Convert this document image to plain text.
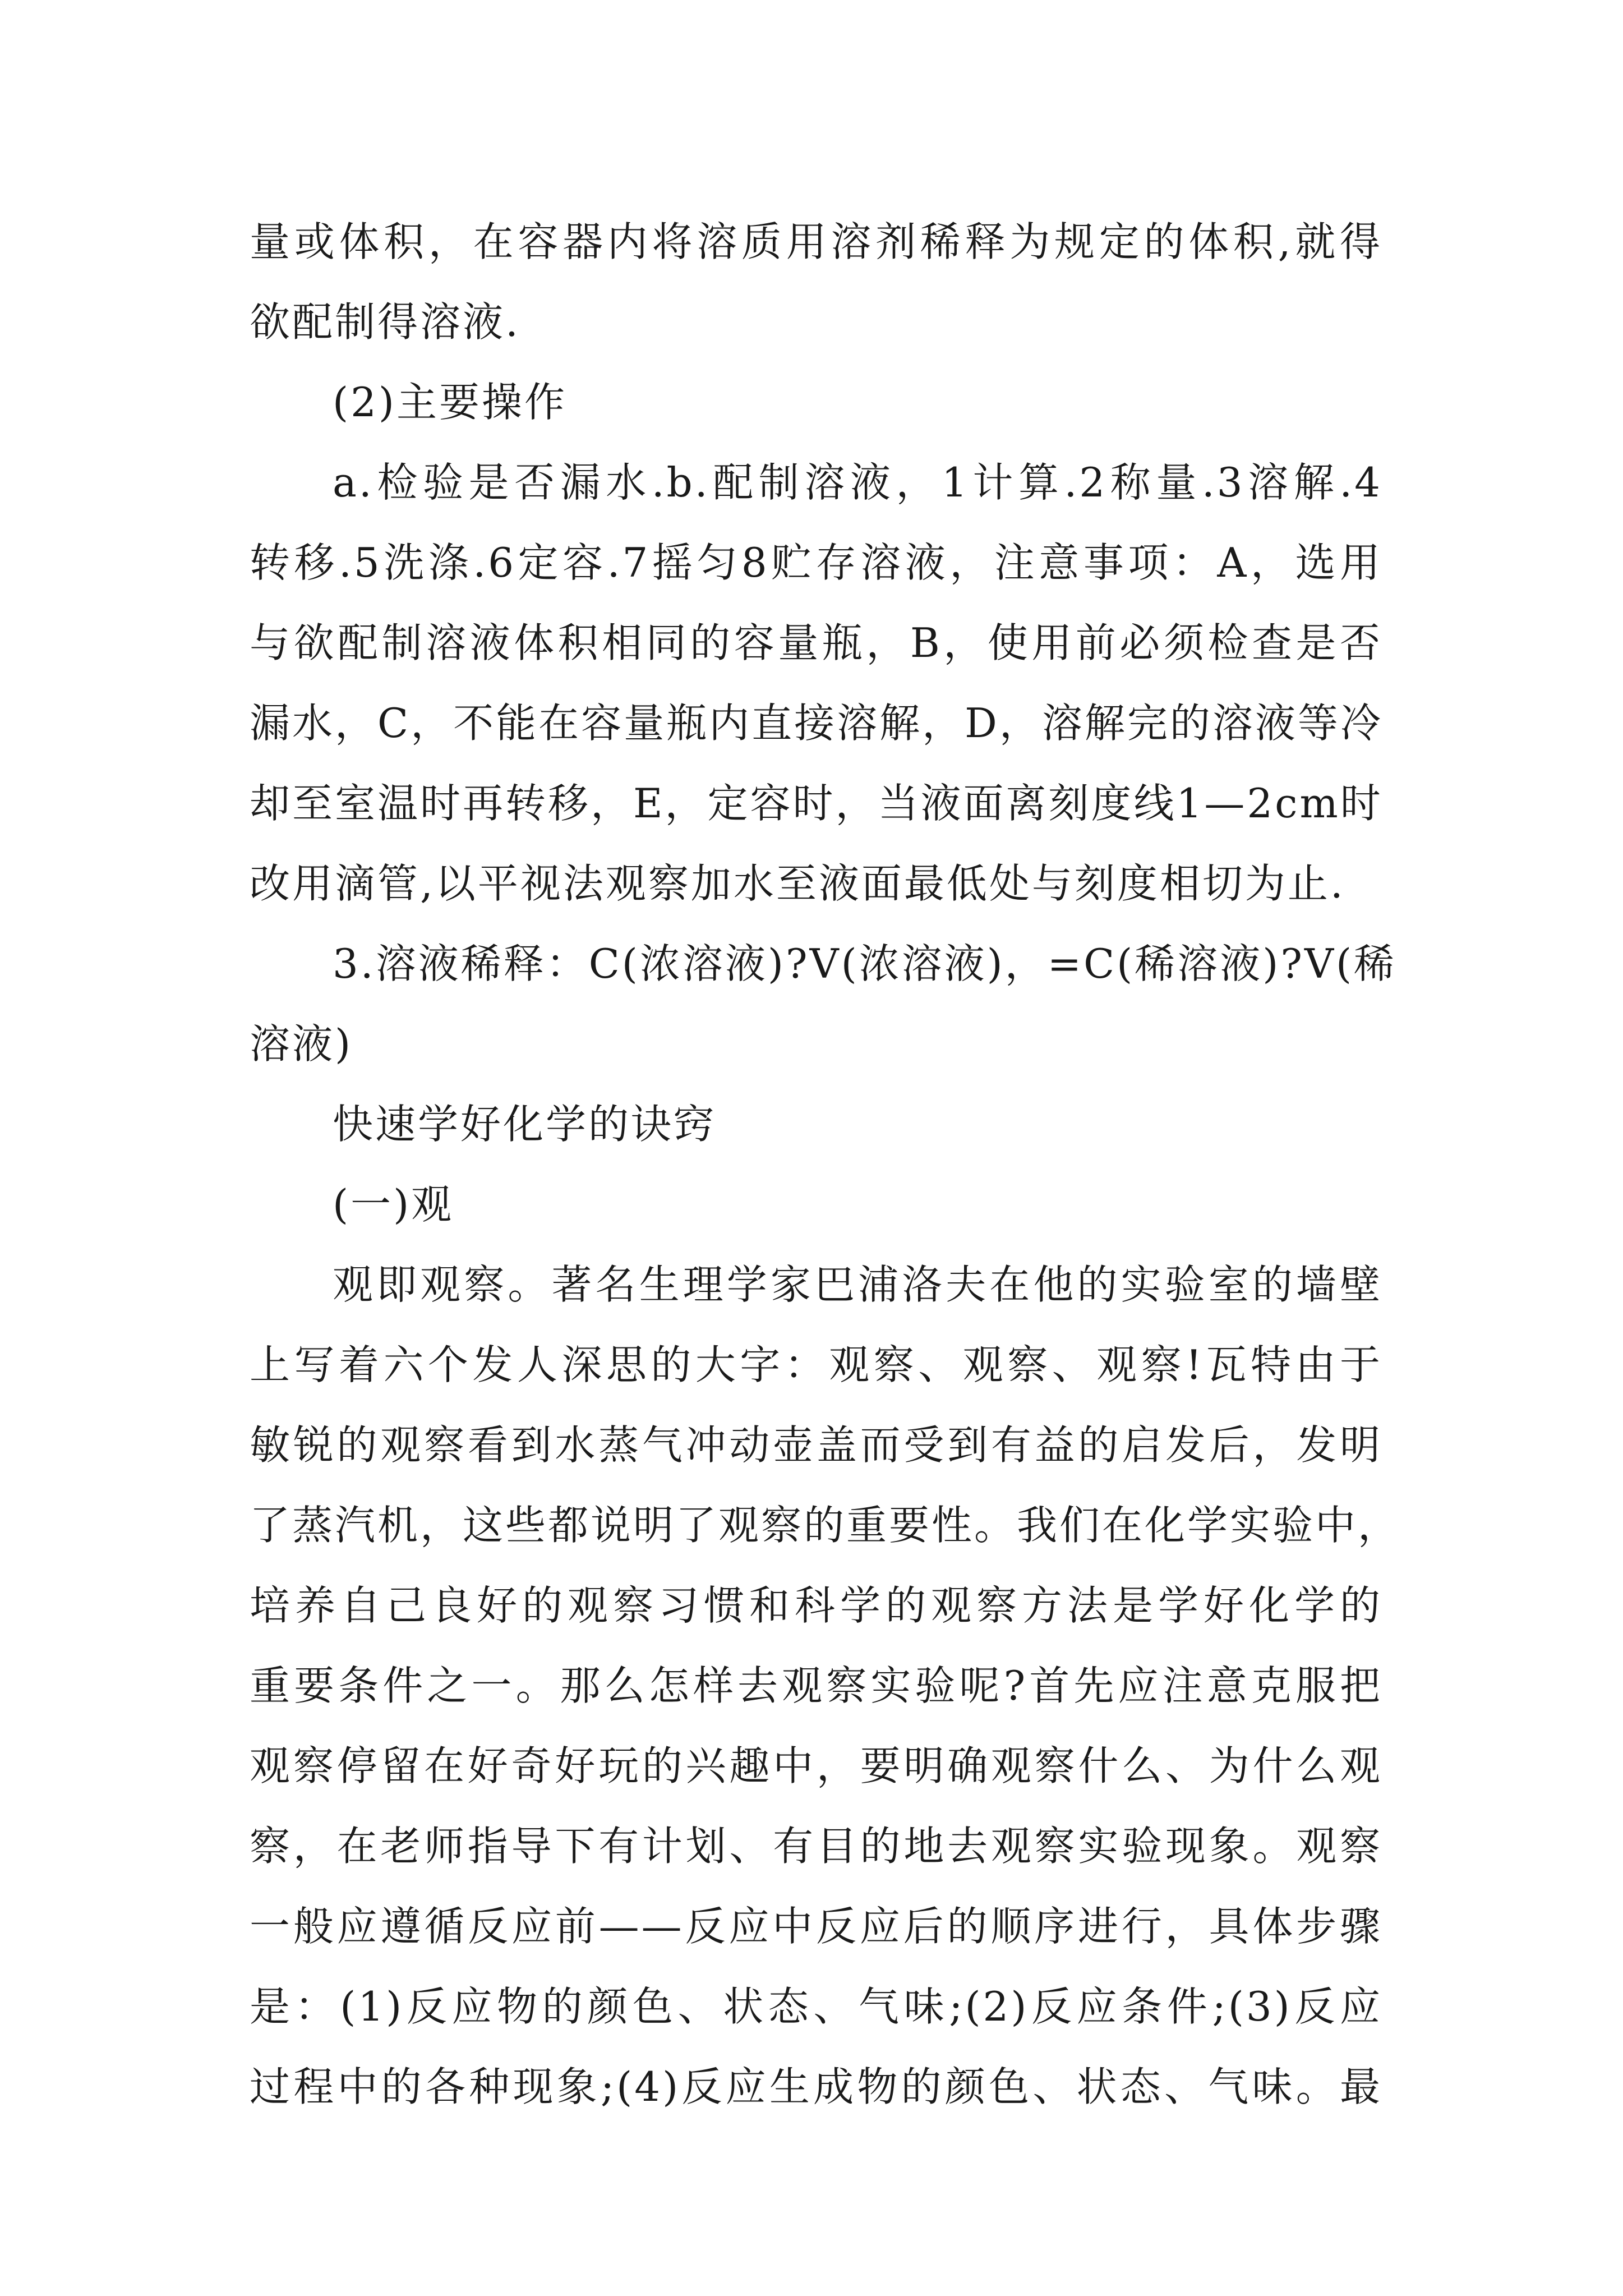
量或体积，在容器内将溶质用溶剂稀释为规定的体积,就得
欲配制得溶液.
(2)主要操作
a.检验是否漏水.b.配制溶液，1计算.2称量.3溶解.4
转移.5洗涤.6定容.7摇匀8贮存溶液，注意事项：A，选用
与欲配制溶液体积相同的容量瓶，B，使用前必须检查是否
漏水，C，不能在容量瓶内直接溶解，D，溶解完的溶液等冷
却至室温时再转移，E，定容时，当液面离刻度线1—2cm时
改用滴管,以平视法观察加水至液面最低处与刻度相切为止.
3.溶液稀释：C(浓溶液)?V(浓溶液)，=C(稀溶液)?V(稀
溶液)
快速学好化学的诀窍
(一)观
观即观察。著名生理学家巴浦洛夫在他的实验室的墙壁
上写着六个发人深思的大字：观察、观察、观察!瓦特由于
敏锐的观察看到水蒸气冲动壶盖而受到有益的启发后，发明
了蒸汽机，这些都说明了观察的重要性。我们在化学实验中，
培养自己良好的观察习惯和科学的观察方法是学好化学的
重要条件之一。那么怎样去观察实验呢?首先应注意克服把
观察停留在好奇好玩的兴趣中，要明确观察什么、为什么观
察，在老师指导下有计划、有目的地去观察实验现象。观察
一般应遵循反应前——反应中反应后的顺序进行，具体步骤
是：(1)反应物的颜色、状态、气味;(2)反应条件;(3)反应
过程中的各种现象;(4)反应生成物的颜色、状态、气味。最
